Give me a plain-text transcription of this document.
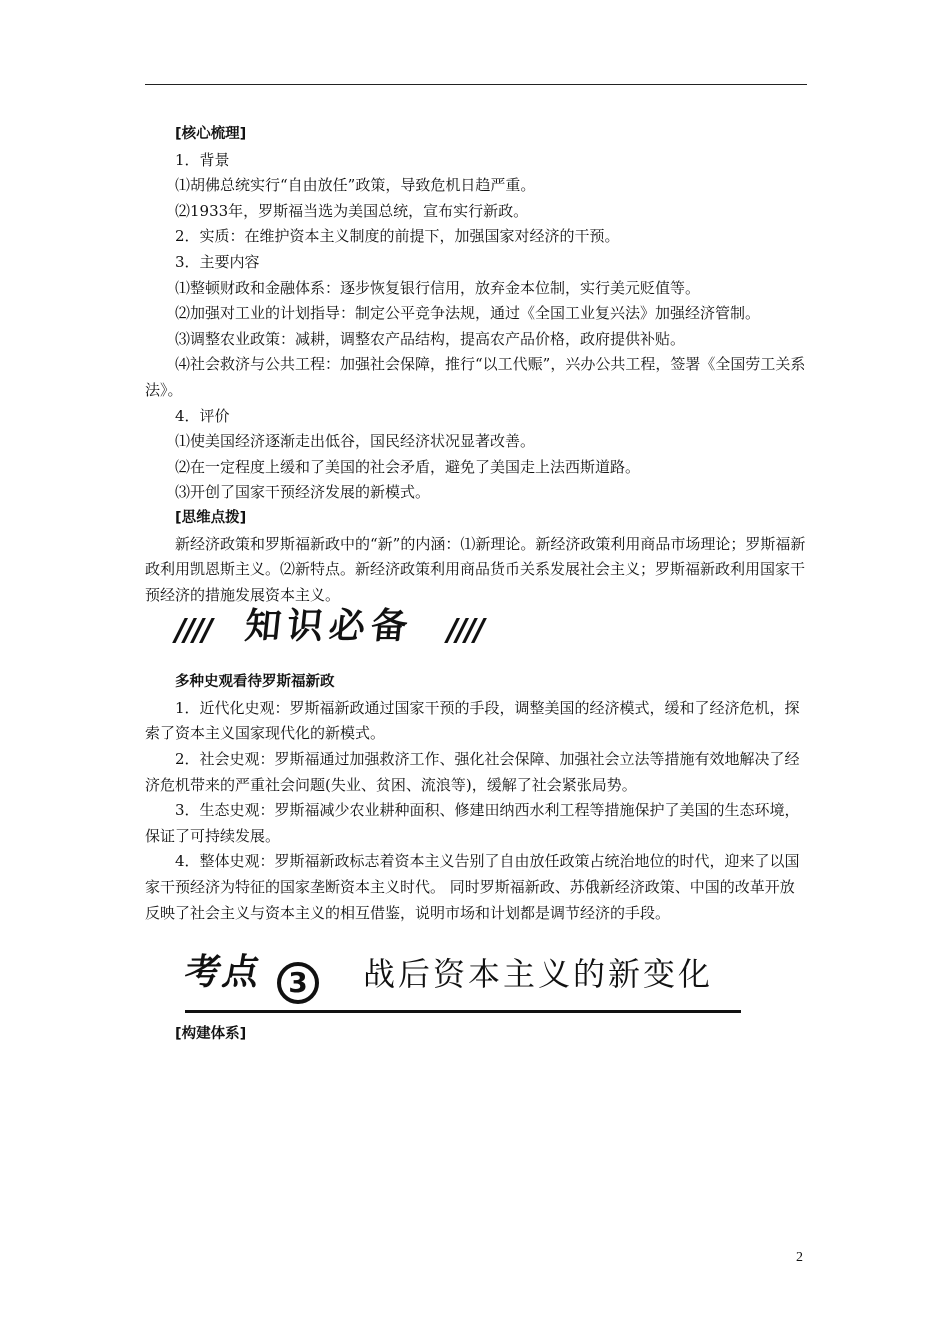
[核心梳理]

1．背景

⑴胡佛总统实行“自由放任”政策，导致危机日趋严重。

⑵1933年，罗斯福当选为美国总统，宣布实行新政。

2．实质：在维护资本主义制度的前提下，加强国家对经济的干预。

3．主要内容

⑴整顿财政和金融体系：逐步恢复银行信用，放弃金本位制，实行美元贬值等。

⑵加强对工业的计划指导：制定公平竞争法规，通过《全国工业复兴法》加强经济管制。

⑶调整农业政策：减耕，调整农产品结构，提高农产品价格，政府提供补贴。

⑷社会救济与公共工程：加强社会保障，推行“以工代赈”，兴办公共工程，签署《全国劳工关系法》。

4．评价

⑴使美国经济逐渐走出低谷，国民经济状况显著改善。

⑵在一定程度上缓和了美国的社会矛盾，避免了美国走上法西斯道路。

⑶开创了国家干预经济发展的新模式。

[思维点拨]

新经济政策和罗斯福新政中的“新”的内涵：⑴新理论。新经济政策利用商品市场理论；罗斯福新政利用凯恩斯主义。⑵新特点。新经济政策利用商品货币关系发展社会主义；罗斯福新政利用国家干预经济的措施发展资本主义。

//// 知识必备 ////

多种史观看待罗斯福新政

1．近代化史观：罗斯福新政通过国家干预的手段，调整美国的经济模式，缓和了经济危机，探索了资本主义国家现代化的新模式。

2．社会史观：罗斯福通过加强救济工作、强化社会保障、加强社会立法等措施有效地解决了经济危机带来的严重社会问题(失业、贫困、流浪等)，缓解了社会紧张局势。

3．生态史观：罗斯福减少农业耕种面积、修建田纳西水利工程等措施保护了美国的生态环境，保证了可持续发展。

4．整体史观：罗斯福新政标志着资本主义告别了自由放任政策占统治地位的时代，迎来了以国家干预经济为特征的国家垄断资本主义时代。 同时罗斯福新政、苏俄新经济政策、中国的改革开放反映了社会主义与资本主义的相互借鉴，说明市场和计划都是调节经济的手段。

考点 3	战后资本主义的新变化

[构建体系]

2
